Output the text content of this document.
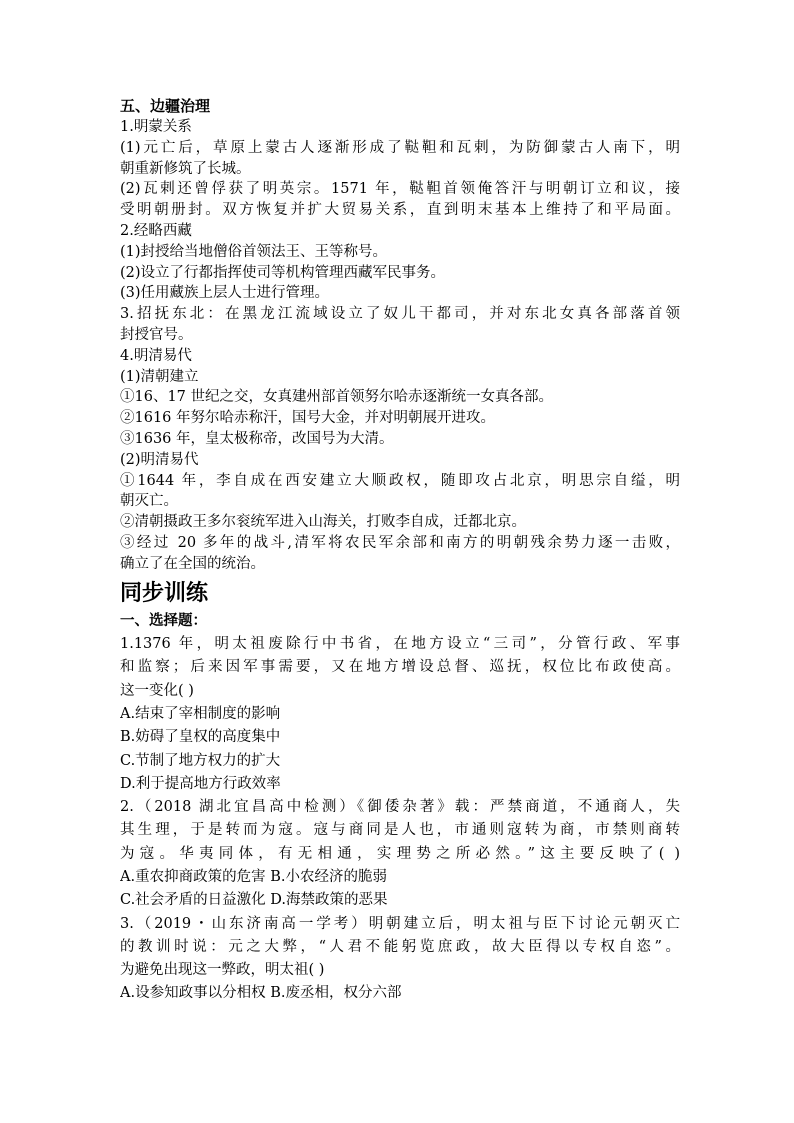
五、边疆治理
1.明蒙关系
(1)元亡后，草原上蒙古人逐渐形成了鞑靼和瓦剌，为防御蒙古人南下，明
朝重新修筑了长城。
(2)瓦剌还曾俘获了明英宗。1571 年，鞑靼首领俺答汗与明朝订立和议，接
受明朝册封。双方恢复并扩大贸易关系，直到明末基本上维持了和平局面。
2.经略西藏
(1)封授给当地僧俗首领法王、王等称号。
(2)设立了行都指挥使司等机构管理西藏军民事务。
(3)任用藏族上层人士进行管理。
3.招抚东北：在黑龙江流域设立了奴儿干都司，并对东北女真各部落首领
封授官号。
4.明清易代
(1)清朝建立
①16、17 世纪之交，女真建州部首领努尔哈赤逐渐统一女真各部。
②1616 年努尔哈赤称汗，国号大金，并对明朝展开进攻。
③1636 年，皇太极称帝，改国号为大清。
(2)明清易代
①1644 年，李自成在西安建立大顺政权，随即攻占北京，明思宗自缢，明
朝灭亡。
②清朝摄政王多尔衮统军进入山海关，打败李自成，迁都北京。
③经过 20 多年的战斗,清军将农民军余部和南方的明朝残余势力逐一击败，
确立了在全国的统治。
同步训练
一、选择题：
1.1376 年，明太祖废除行中书省，在地方设立“三司”，分管行政、军事
和监察；后来因军事需要，又在地方增设总督、巡抚，权位比布政使高。
这一变化( )
A.结束了宰相制度的影响
B.妨碍了皇权的高度集中
C.节制了地方权力的扩大
D.利于提高地方行政效率
2.（2018 湖北宜昌高中检测）《御倭杂著》载：严禁商道，不通商人，失
其生理，于是转而为寇。寇与商同是人也，市通则寇转为商，市禁则商转
为寇。华夷同体，有无相通，实理势之所必然。”这主要反映了( )
A.重农抑商政策的危害 B.小农经济的脆弱
C.社会矛盾的日益激化 D.海禁政策的恶果
3.（2019・山东济南高一学考）明朝建立后，明太祖与臣下讨论元朝灭亡
的教训时说：元之大弊，“人君不能躬览庶政，故大臣得以专权自恣”。
为避免出现这一弊政，明太祖( )
A.设参知政事以分相权 B.废丞相，权分六部
